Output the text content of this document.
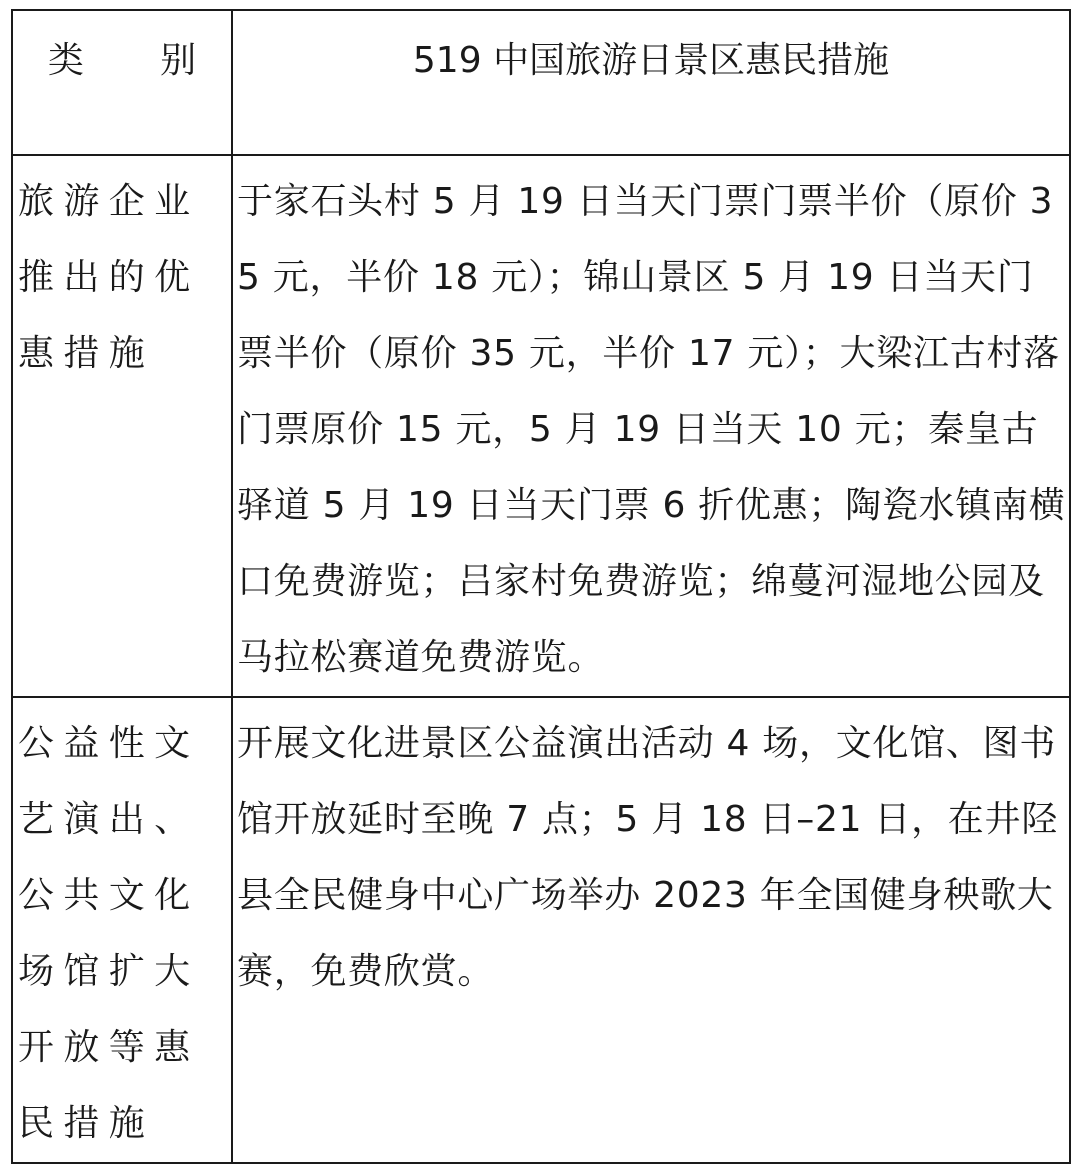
类 别	519 中国旅游日景区惠民措施
旅游企业推出的优惠措施	于家石头村 5 月 19 日当天门票门票半价（原价 35 元，半价 18 元）；锦山景区 5 月 19 日当天门票半价（原价 35 元，半价 17 元）；大梁江古村落门票原价 15 元，5 月 19 日当天 10 元；秦皇古驿道 5 月 19 日当天门票 6 折优惠；陶瓷水镇南横口免费游览；吕家村免费游览；绵蔓河湿地公园及马拉松赛道免费游览。
公益性文艺演出、公共文化场馆扩大开放等惠民措施	开展文化进景区公益演出活动 4 场，文化馆、图书馆开放延时至晚 7 点；5 月 18 日–21 日，在井陉县全民健身中心广场举办 2023 年全国健身秧歌大赛，免费欣赏。
